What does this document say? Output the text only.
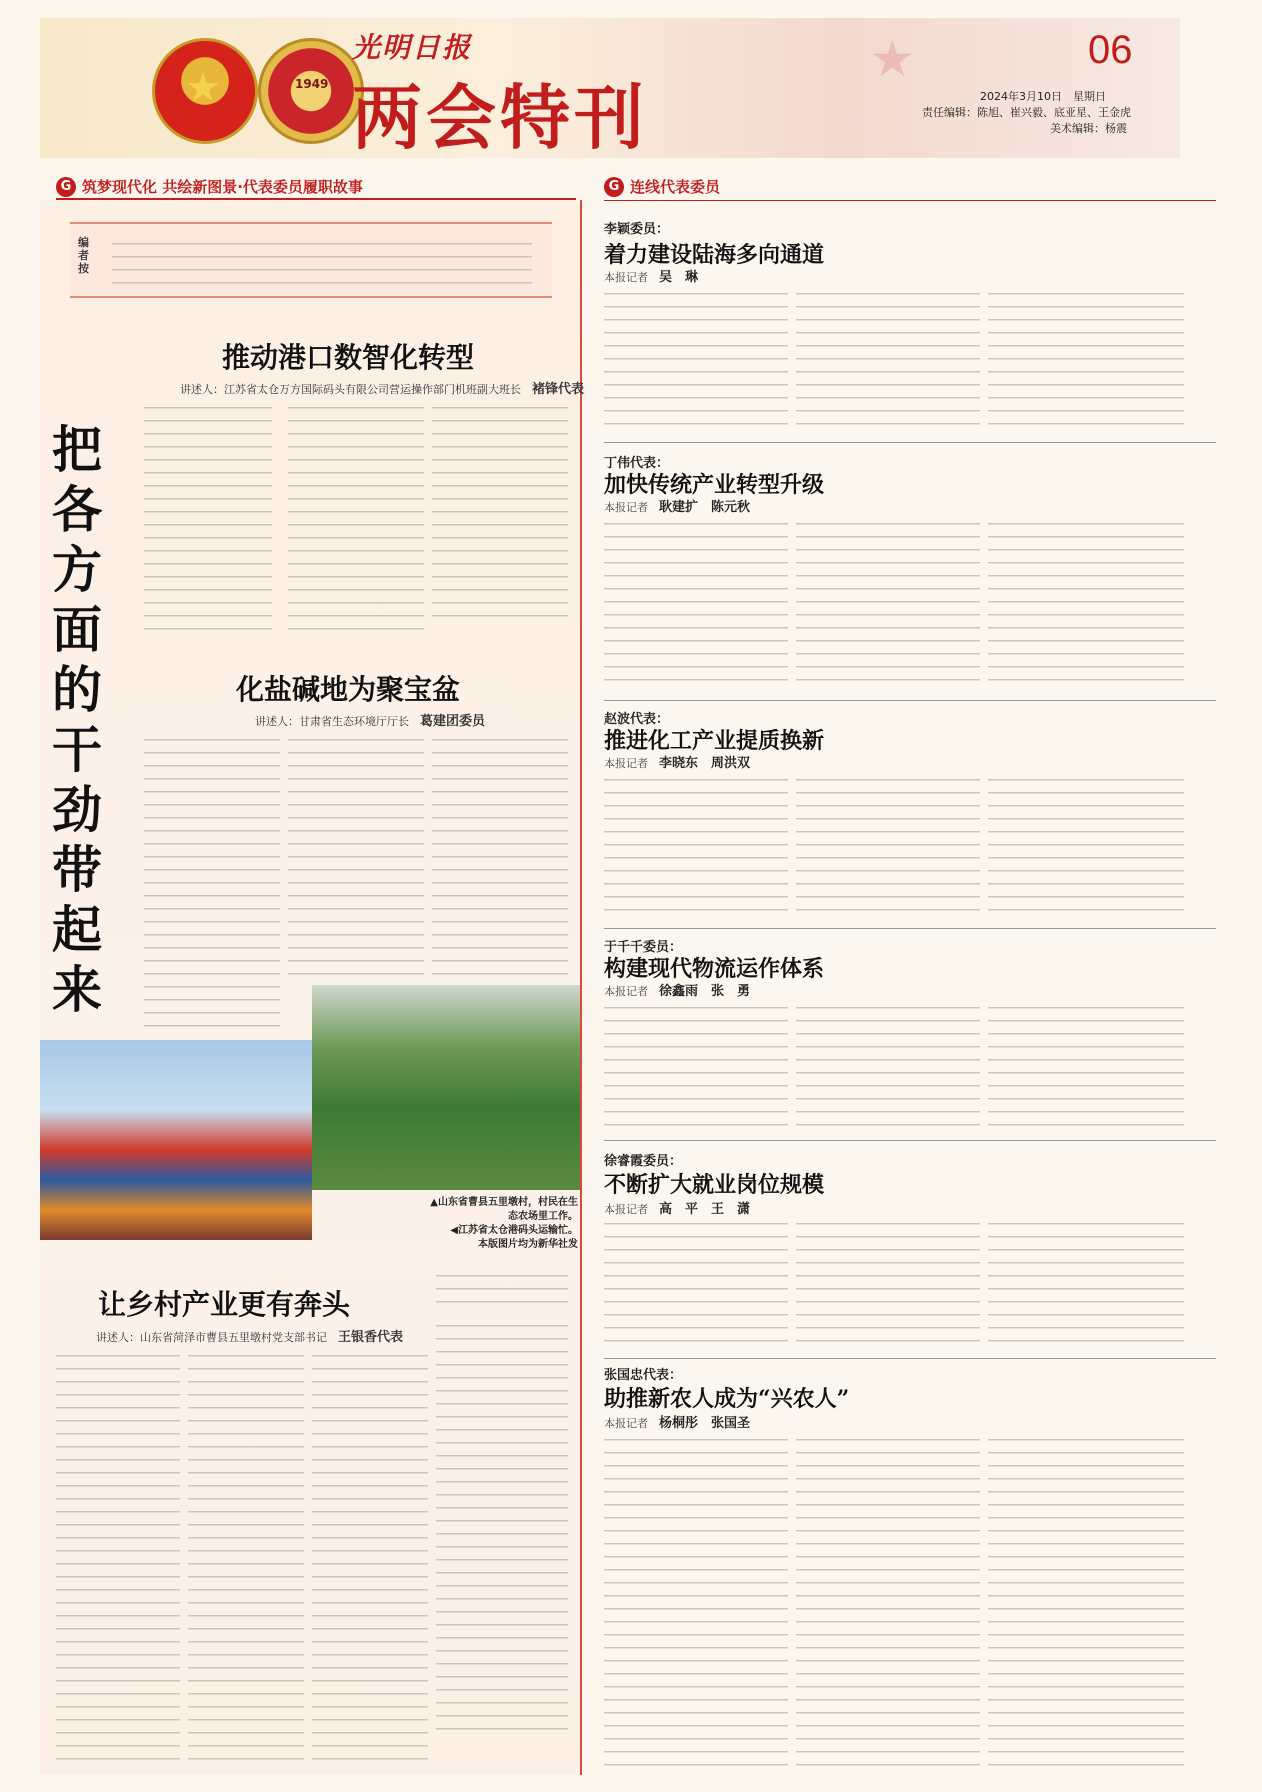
★
★	1949
光明日报
两会特刊
06
2024年3月10日　星期日
责任编辑：陈旭、崔兴毅、底亚星、王金虎
美术编辑：杨震
G 筑梦现代化 共绘新图景·代表委员履职故事
编者按
把各方面的干劲带起来
推动港口数智化转型
讲述人：江苏省太仓万方国际码头有限公司营运操作部门机班副大班长　 褚锋代表
化盐碱地为聚宝盆
讲述人：甘肃省生态环境厅厅长　 葛建团委员
▲山东省曹县五里墩村，村民在生态农场里工作。
◀江苏省太仓港码头运输忙。
本版图片均为新华社发
让乡村产业更有奔头
讲述人：山东省菏泽市曹县五里墩村党支部书记　 王银香代表
G 连线代表委员
李颖委员：
着力建设陆海多向通道
本报记者　 吴　琳
丁伟代表：
加快传统产业转型升级
本报记者　 耿建扩　陈元秋
赵波代表：
推进化工产业提质换新
本报记者　 李晓东　周洪双
于千千委员：
构建现代物流运作体系
本报记者　 徐鑫雨　张　勇
徐睿霞委员：
不断扩大就业岗位规模
本报记者　 高　平　王　潇
张国忠代表：
助推新农人成为“兴农人”
本报记者　 杨桐彤　张国圣
